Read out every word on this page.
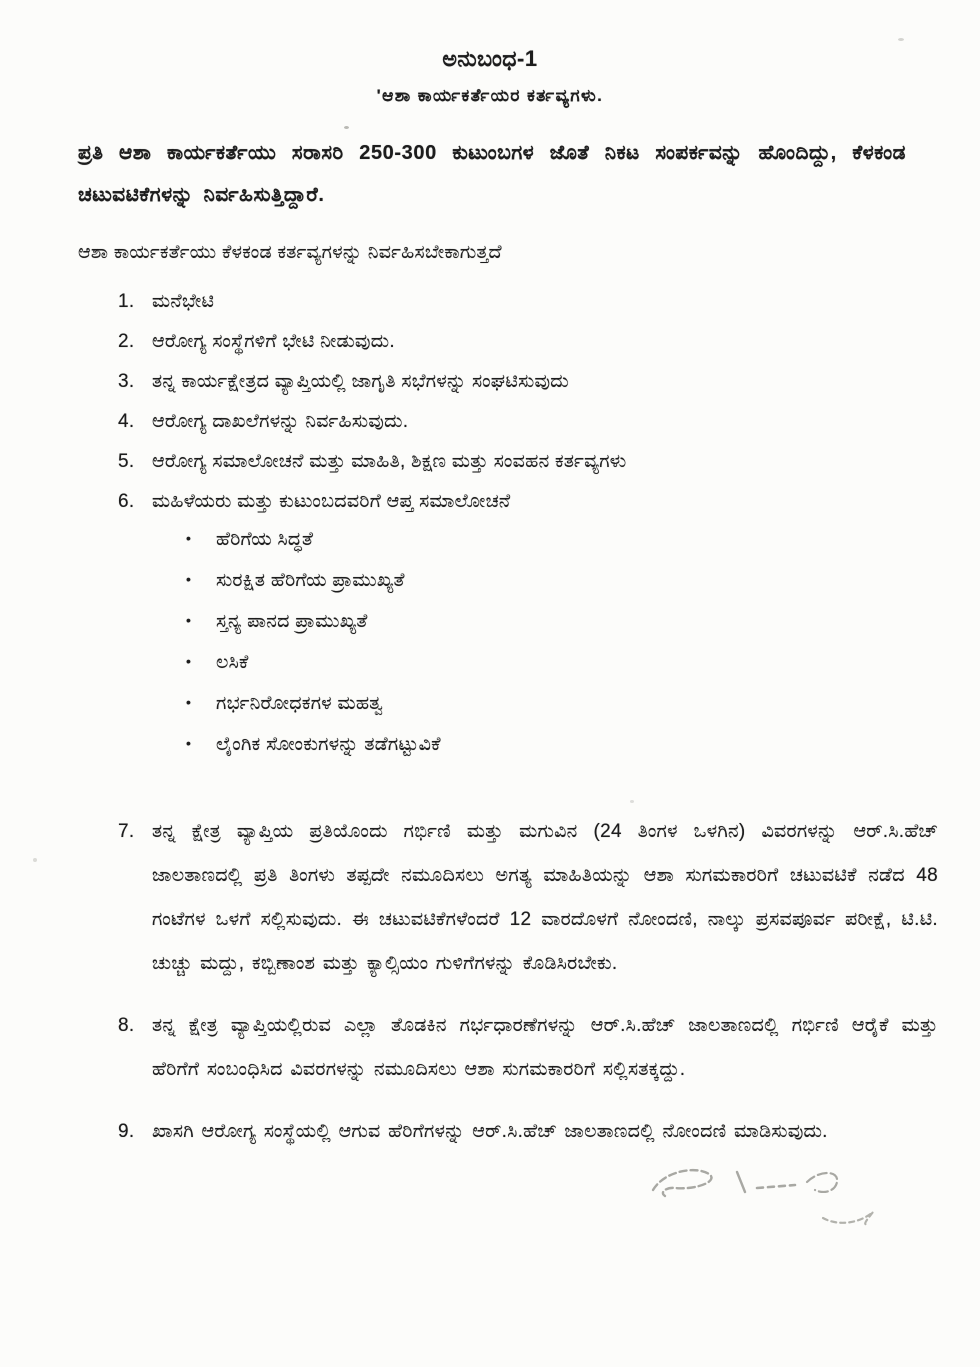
ಅನುಬಂಧ-1
'ಆಶಾ ಕಾರ್ಯಕರ್ತೆಯರ ಕರ್ತವ್ಯಗಳು.

ಪ್ರತಿ ಆಶಾ ಕಾರ್ಯಕರ್ತೆಯು ಸರಾಸರಿ 250-300 ಕುಟುಂಬಗಳ ಜೊತೆ ನಿಕಟ ಸಂಪರ್ಕವನ್ನು ಹೊಂದಿದ್ದು, ಕೆಳಕಂಡ ಚಟುವಟಿಕೆಗಳನ್ನು ನಿರ್ವಹಿಸುತ್ತಿದ್ದಾರೆ.

ಆಶಾ ಕಾರ್ಯಕರ್ತೆಯು ಕೆಳಕಂಡ ಕರ್ತವ್ಯಗಳನ್ನು ನಿರ್ವಹಿಸಬೇಕಾಗುತ್ತದೆ
1. ಮನೆಭೇಟಿ
2. ಆರೋಗ್ಯ ಸಂಸ್ಥೆಗಳಿಗೆ ಭೇಟಿ ನೀಡುವುದು.
3. ತನ್ನ ಕಾರ್ಯಕ್ಷೇತ್ರದ ವ್ಯಾಪ್ತಿಯಲ್ಲಿ ಜಾಗೃತಿ ಸಭೆಗಳನ್ನು ಸಂಘಟಿಸುವುದು
4. ಆರೋಗ್ಯ ದಾಖಲೆಗಳನ್ನು ನಿರ್ವಹಿಸುವುದು.
5. ಆರೋಗ್ಯ ಸಮಾಲೋಚನೆ ಮತ್ತು ಮಾಹಿತಿ, ಶಿಕ್ಷಣ ಮತ್ತು ಸಂವಹನ ಕರ್ತವ್ಯಗಳು
6. ಮಹಿಳೆಯರು ಮತ್ತು ಕುಟುಂಬದವರಿಗೆ ಆಪ್ತ ಸಮಾಲೋಚನೆ
•	ಹೆರಿಗೆಯ ಸಿದ್ಧತೆ
•	ಸುರಕ್ಷಿತ ಹೆರಿಗೆಯ ಪ್ರಾಮುಖ್ಯತೆ
•	ಸ್ತನ್ಯ ಪಾನದ ಪ್ರಾಮುಖ್ಯತೆ
•	ಲಸಿಕೆ
•	ಗರ್ಭನಿರೋಧಕಗಳ ಮಹತ್ವ
•	ಲೈಂಗಿಕ ಸೋಂಕುಗಳನ್ನು ತಡೆಗಟ್ಟುವಿಕೆ
7. ತನ್ನ ಕ್ಷೇತ್ರ ವ್ಯಾಪ್ತಿಯ ಪ್ರತಿಯೊಂದು ಗರ್ಭಿಣಿ ಮತ್ತು ಮಗುವಿನ (24 ತಿಂಗಳ ಒಳಗಿನ) ವಿವರಗಳನ್ನು ಆರ್.ಸಿ.ಹೆಚ್ ಜಾಲತಾಣದಲ್ಲಿ ಪ್ರತಿ ತಿಂಗಳು ತಪ್ಪದೇ ನಮೂದಿಸಲು ಅಗತ್ಯ ಮಾಹಿತಿಯನ್ನು ಆಶಾ ಸುಗಮಕಾರರಿಗೆ ಚಟುವಟಿಕೆ ನಡೆದ 48 ಗಂಟೆಗಳ ಒಳಗೆ ಸಲ್ಲಿಸುವುದು. ಈ ಚಟುವಟಿಕೆಗಳೆಂದರೆ 12 ವಾರದೊಳಗೆ ನೋಂದಣಿ, ನಾಲ್ಕು ಪ್ರಸವಪೂರ್ವ ಪರೀಕ್ಷೆ, ಟಿ.ಟಿ. ಚುಚ್ಚು ಮದ್ದು, ಕಬ್ಬಿಣಾಂಶ ಮತ್ತು ಕ್ಯಾಲ್ಸಿಯಂ ಗುಳಿಗೆಗಳನ್ನು ಕೊಡಿಸಿರಬೇಕು.
8. ತನ್ನ ಕ್ಷೇತ್ರ ವ್ಯಾಪ್ತಿಯಲ್ಲಿರುವ ಎಲ್ಲಾ ತೊಡಕಿನ ಗರ್ಭಧಾರಣೆಗಳನ್ನು ಆರ್.ಸಿ.ಹೆಚ್ ಜಾಲತಾಣದಲ್ಲಿ ಗರ್ಭಿಣಿ ಆರೈಕೆ ಮತ್ತು ಹೆರಿಗೆಗೆ ಸಂಬಂಧಿಸಿದ ವಿವರಗಳನ್ನು ನಮೂದಿಸಲು ಆಶಾ ಸುಗಮಕಾರರಿಗೆ ಸಲ್ಲಿಸತಕ್ಕದ್ದು.
9. ಖಾಸಗಿ ಆರೋಗ್ಯ ಸಂಸ್ಥೆಯಲ್ಲಿ ಆಗುವ ಹೆರಿಗೆಗಳನ್ನು ಆರ್.ಸಿ.ಹೆಚ್ ಜಾಲತಾಣದಲ್ಲಿ ನೋಂದಣಿ ಮಾಡಿಸುವುದು.
